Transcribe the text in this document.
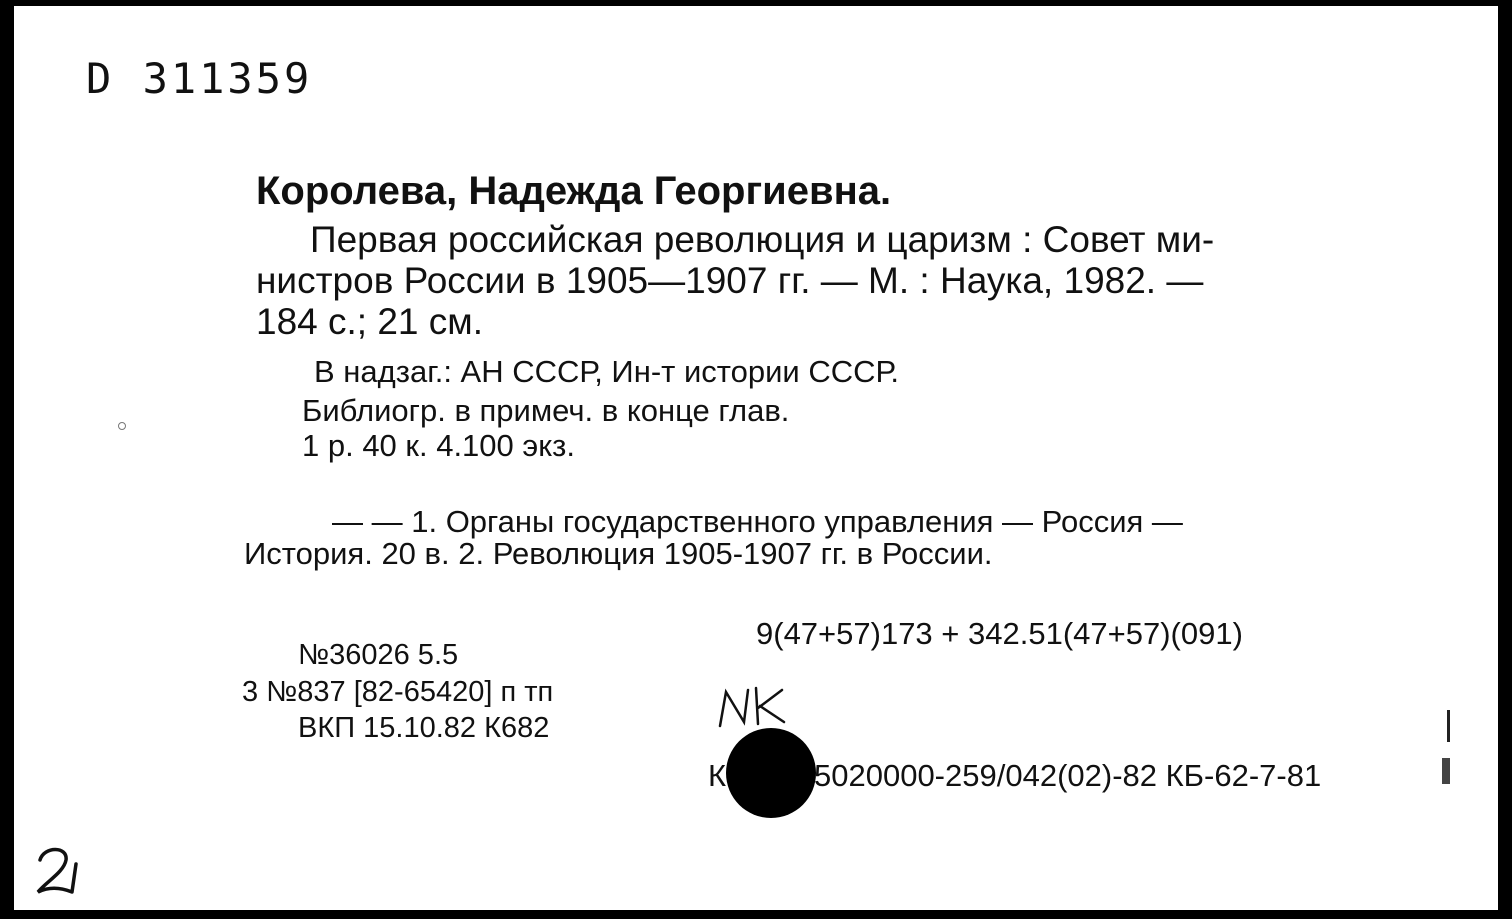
D 311359
Королева, Надежда Георгиевна.
Первая российская революция и царизм : Совет ми-
нистров России в 1905—1907 гг. — М. : Наука, 1982. —
184 с.; 21 см.
В надзаг.: АН СССР, Ин-т истории СССР.
Библиогр. в примеч. в конце глав.
1 р. 40 к. 4.100 экз.
— — 1. Органы государственного управления — Россия —
История. 20 в. 2. Революция 1905-1907 гг. в России.
9(47+57)173 + 342.51(47+57)(091)
№36026 5.5
3 №837 [82-65420] п тп
ВКП 15.10.82 К682
К	5020000-259/042(02)-82 КБ-62-7-81
